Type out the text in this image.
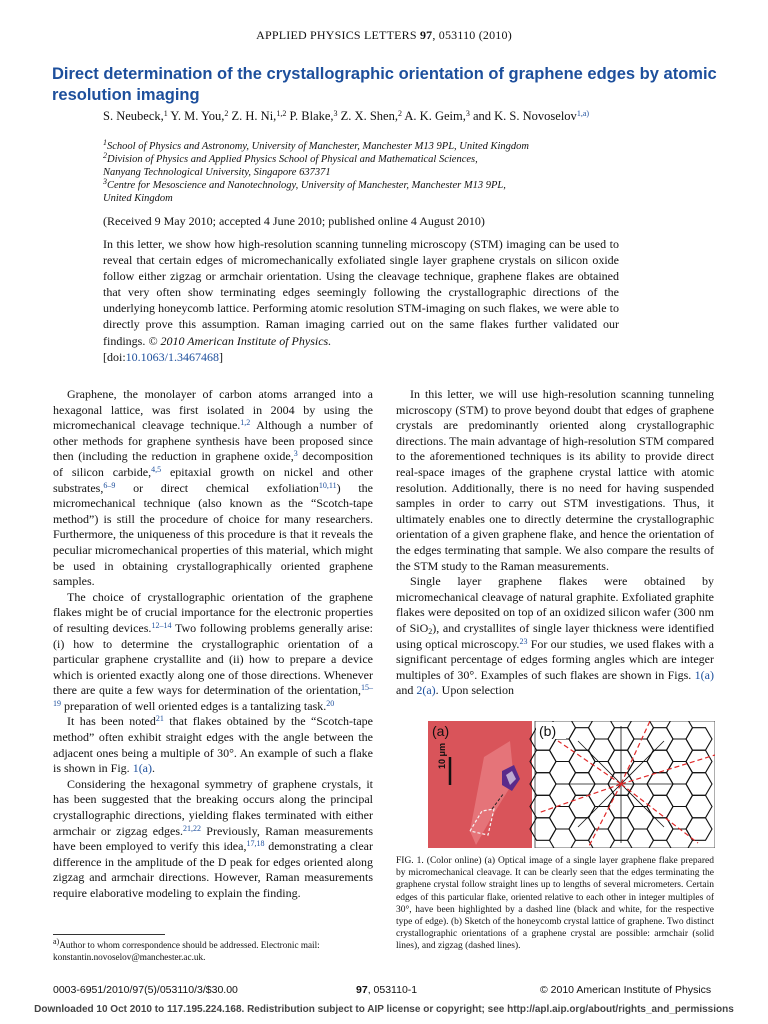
APPLIED PHYSICS LETTERS 97, 053110 (2010)
Direct determination of the crystallographic orientation of graphene edges by atomic resolution imaging
S. Neubeck,$^1$ Y. M. You,$^2$ Z. H. Ni,$^{1,2}$ P. Blake,$^3$ Z. X. Shen,$^2$ A. K. Geim,$^3$ and K. S. Novoselov$^{1,a)}$
$^1$School of Physics and Astronomy, University of Manchester, Manchester M13 9PL, United Kingdom
$^2$Division of Physics and Applied Physics School of Physical and Mathematical Sciences,
Nanyang Technological University, Singapore 637371
$^3$Centre for Mesoscience and Nanotechnology, University of Manchester, Manchester M13 9PL,
United Kingdom
(Received 9 May 2010; accepted 4 June 2010; published online 4 August 2010)
In this letter, we show how high-resolution scanning tunneling microscopy (STM) imaging can be used to reveal that certain edges of micromechanically exfoliated single layer graphene crystals on silicon oxide follow either zigzag or armchair orientation. Using the cleavage technique, graphene flakes are obtained that very often show terminating edges seemingly following the crystallographic directions of the underlying honeycomb lattice. Performing atomic resolution STM-imaging on such flakes, we were able to directly prove this assumption. Raman imaging carried out on the same flakes further validated our findings. © 2010 American Institute of Physics.
[doi:10.1063/1.3467468]

Graphene, the monolayer of carbon atoms arranged into a hexagonal lattice, was first isolated in 2004 by using the micromechanical cleavage technique.$^{1,2}$ Although a number of other methods for graphene synthesis have been proposed since then (including the reduction in graphene oxide,$^3$ decomposition of silicon carbide,$^{4,5}$ epitaxial growth on nickel and other substrates,$^{6-9}$ or direct chemical exfoliation$^{10,11}$) the micromechanical technique (also known as the “Scotch-tape method”) is still the procedure of choice for many researchers. Furthermore, the uniqueness of this procedure is that it reveals the peculiar micromechanical properties of this material, which might be used in obtaining crystallographically oriented graphene samples.

The choice of crystallographic orientation of the graphene flakes might be of crucial importance for the electronic properties of resulting devices.$^{12-14}$ Two following problems generally arise: (i) how to determine the crystallographic orientation of a particular graphene crystallite and (ii) how to prepare a device which is oriented exactly along one of those directions. Whenever there are quite a few ways for determination of the orientation,$^{15-19}$ preparation of well oriented edges is a tantalizing task.$^{20}$

It has been noted$^{21}$ that flakes obtained by the “Scotch-tape method” often exhibit straight edges with the angle between the adjacent ones being a multiple of 30°. An example of such a flake is shown in Fig. 1(a).

Considering the hexagonal symmetry of graphene crystals, it has been suggested that the breaking occurs along the principal crystallographic directions, yielding flakes terminated with either armchair or zigzag edges.$^{21,22}$ Previously, Raman measurements have been employed to verify this idea,$^{17,18}$ demonstrating a clear difference in the amplitude of the D peak for edges oriented along zigzag and armchair directions. However, Raman measurements require elaborative modeling to explain the finding.

In this letter, we will use high-resolution scanning tunneling microscopy (STM) to prove beyond doubt that edges of graphene crystals are predominantly oriented along crystallographic directions. The main advantage of high-resolution STM compared to the aforementioned techniques is its ability to provide direct real-space images of the graphene crystal lattice with atomic resolution. Additionally, there is no need for having suspended samples in order to carry out STM investigations. Thus, it ultimately enables one to directly determine the crystallographic orientation of a given graphene flake, and hence the orientation of the edges terminating that sample. We also compare the results of the STM study to the Raman measurements.

Single layer graphene flakes were obtained by micromechanical cleavage of natural graphite. Exfoliated graphite flakes were deposited on top of an oxidized silicon wafer (300 nm of SiO$_2$), and crystallites of single layer thickness were identified using optical microscopy.$^{23}$ For our studies, we used flakes with a significant percentage of edges forming angles which are integer multiples of 30°. Examples of such flakes are shown in Figs. 1(a) and 2(a). Upon selection

(a)
10 μm
(b)
FIG. 1. (Color online) (a) Optical image of a single layer graphene flake prepared by micromechanical cleavage. It can be clearly seen that the edges terminating the graphene crystal follow straight lines up to lengths of several micrometers. Certain edges of this particular flake, oriented relative to each other in integer multiples of 30°, have been highlighted by a dashed line (black and white, for the respective type of edge). (b) Sketch of the honeycomb crystal lattice of graphene. Two distinct crystallographic orientations of a graphene crystal are possible: armchair (solid lines), and zigzag (dashed lines).
$^{a)}$Author to whom correspondence should be addressed. Electronic mail: konstantin.novoselov@manchester.ac.uk.
0003-6951/2010/97(5)/053110/3/$30.00	97, 053110-1	© 2010 American Institute of Physics
Downloaded 10 Oct 2010 to 117.195.224.168. Redistribution subject to AIP license or copyright; see http://apl.aip.org/about/rights_and_permissions
